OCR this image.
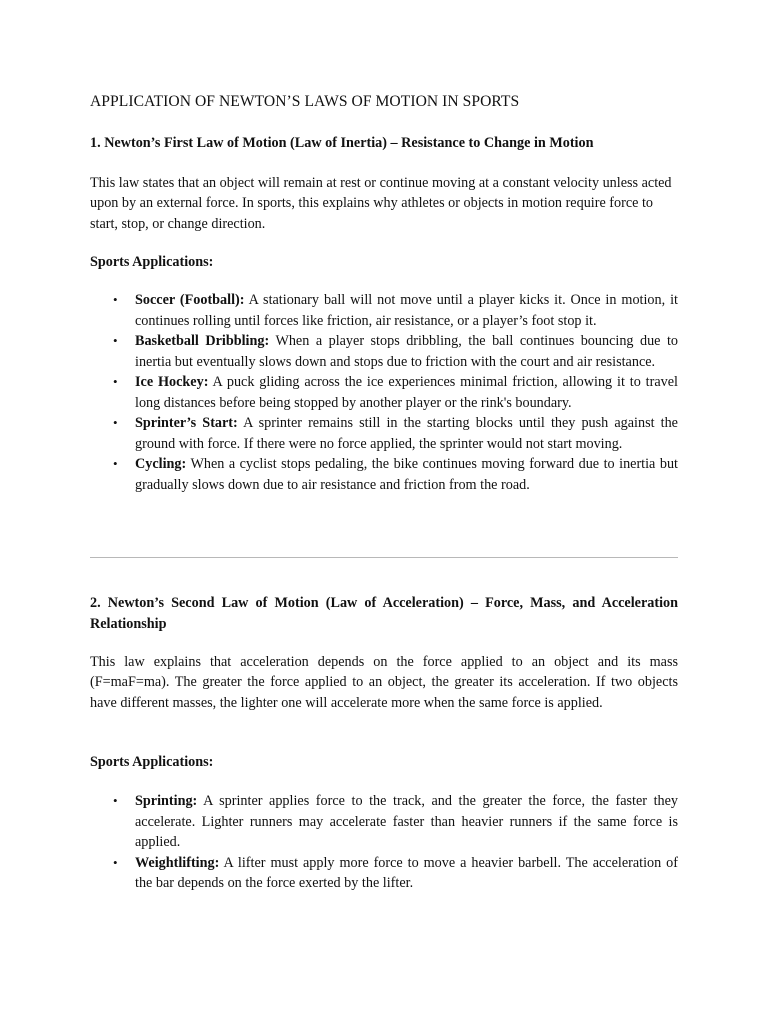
APPLICATION OF NEWTON’S LAWS OF MOTION IN SPORTS

1. Newton’s First Law of Motion (Law of Inertia) – Resistance to Change in Motion

This law states that an object will remain at rest or continue moving at a constant velocity unless acted upon by an external force. In sports, this explains why athletes or objects in motion require force to start, stop, or change direction.

Sports Applications:

• Soccer (Football): A stationary ball will not move until a player kicks it. Once in motion, it continues rolling until forces like friction, air resistance, or a player’s foot stop it.
• Basketball Dribbling: When a player stops dribbling, the ball continues bouncing due to inertia but eventually slows down and stops due to friction with the court and air resistance.
• Ice Hockey: A puck gliding across the ice experiences minimal friction, allowing it to travel long distances before being stopped by another player or the rink's boundary.
• Sprinter’s Start: A sprinter remains still in the starting blocks until they push against the ground with force. If there were no force applied, the sprinter would not start moving.
• Cycling: When a cyclist stops pedaling, the bike continues moving forward due to inertia but gradually slows down due to air resistance and friction from the road.

2. Newton’s Second Law of Motion (Law of Acceleration) – Force, Mass, and Acceleration Relationship

This law explains that acceleration depends on the force applied to an object and its mass (F=maF=ma). The greater the force applied to an object, the greater its acceleration. If two objects have different masses, the lighter one will accelerate more when the same force is applied.

Sports Applications:

• Sprinting: A sprinter applies force to the track, and the greater the force, the faster they accelerate. Lighter runners may accelerate faster than heavier runners if the same force is applied.
• Weightlifting: A lifter must apply more force to move a heavier barbell. The acceleration of the bar depends on the force exerted by the lifter.
